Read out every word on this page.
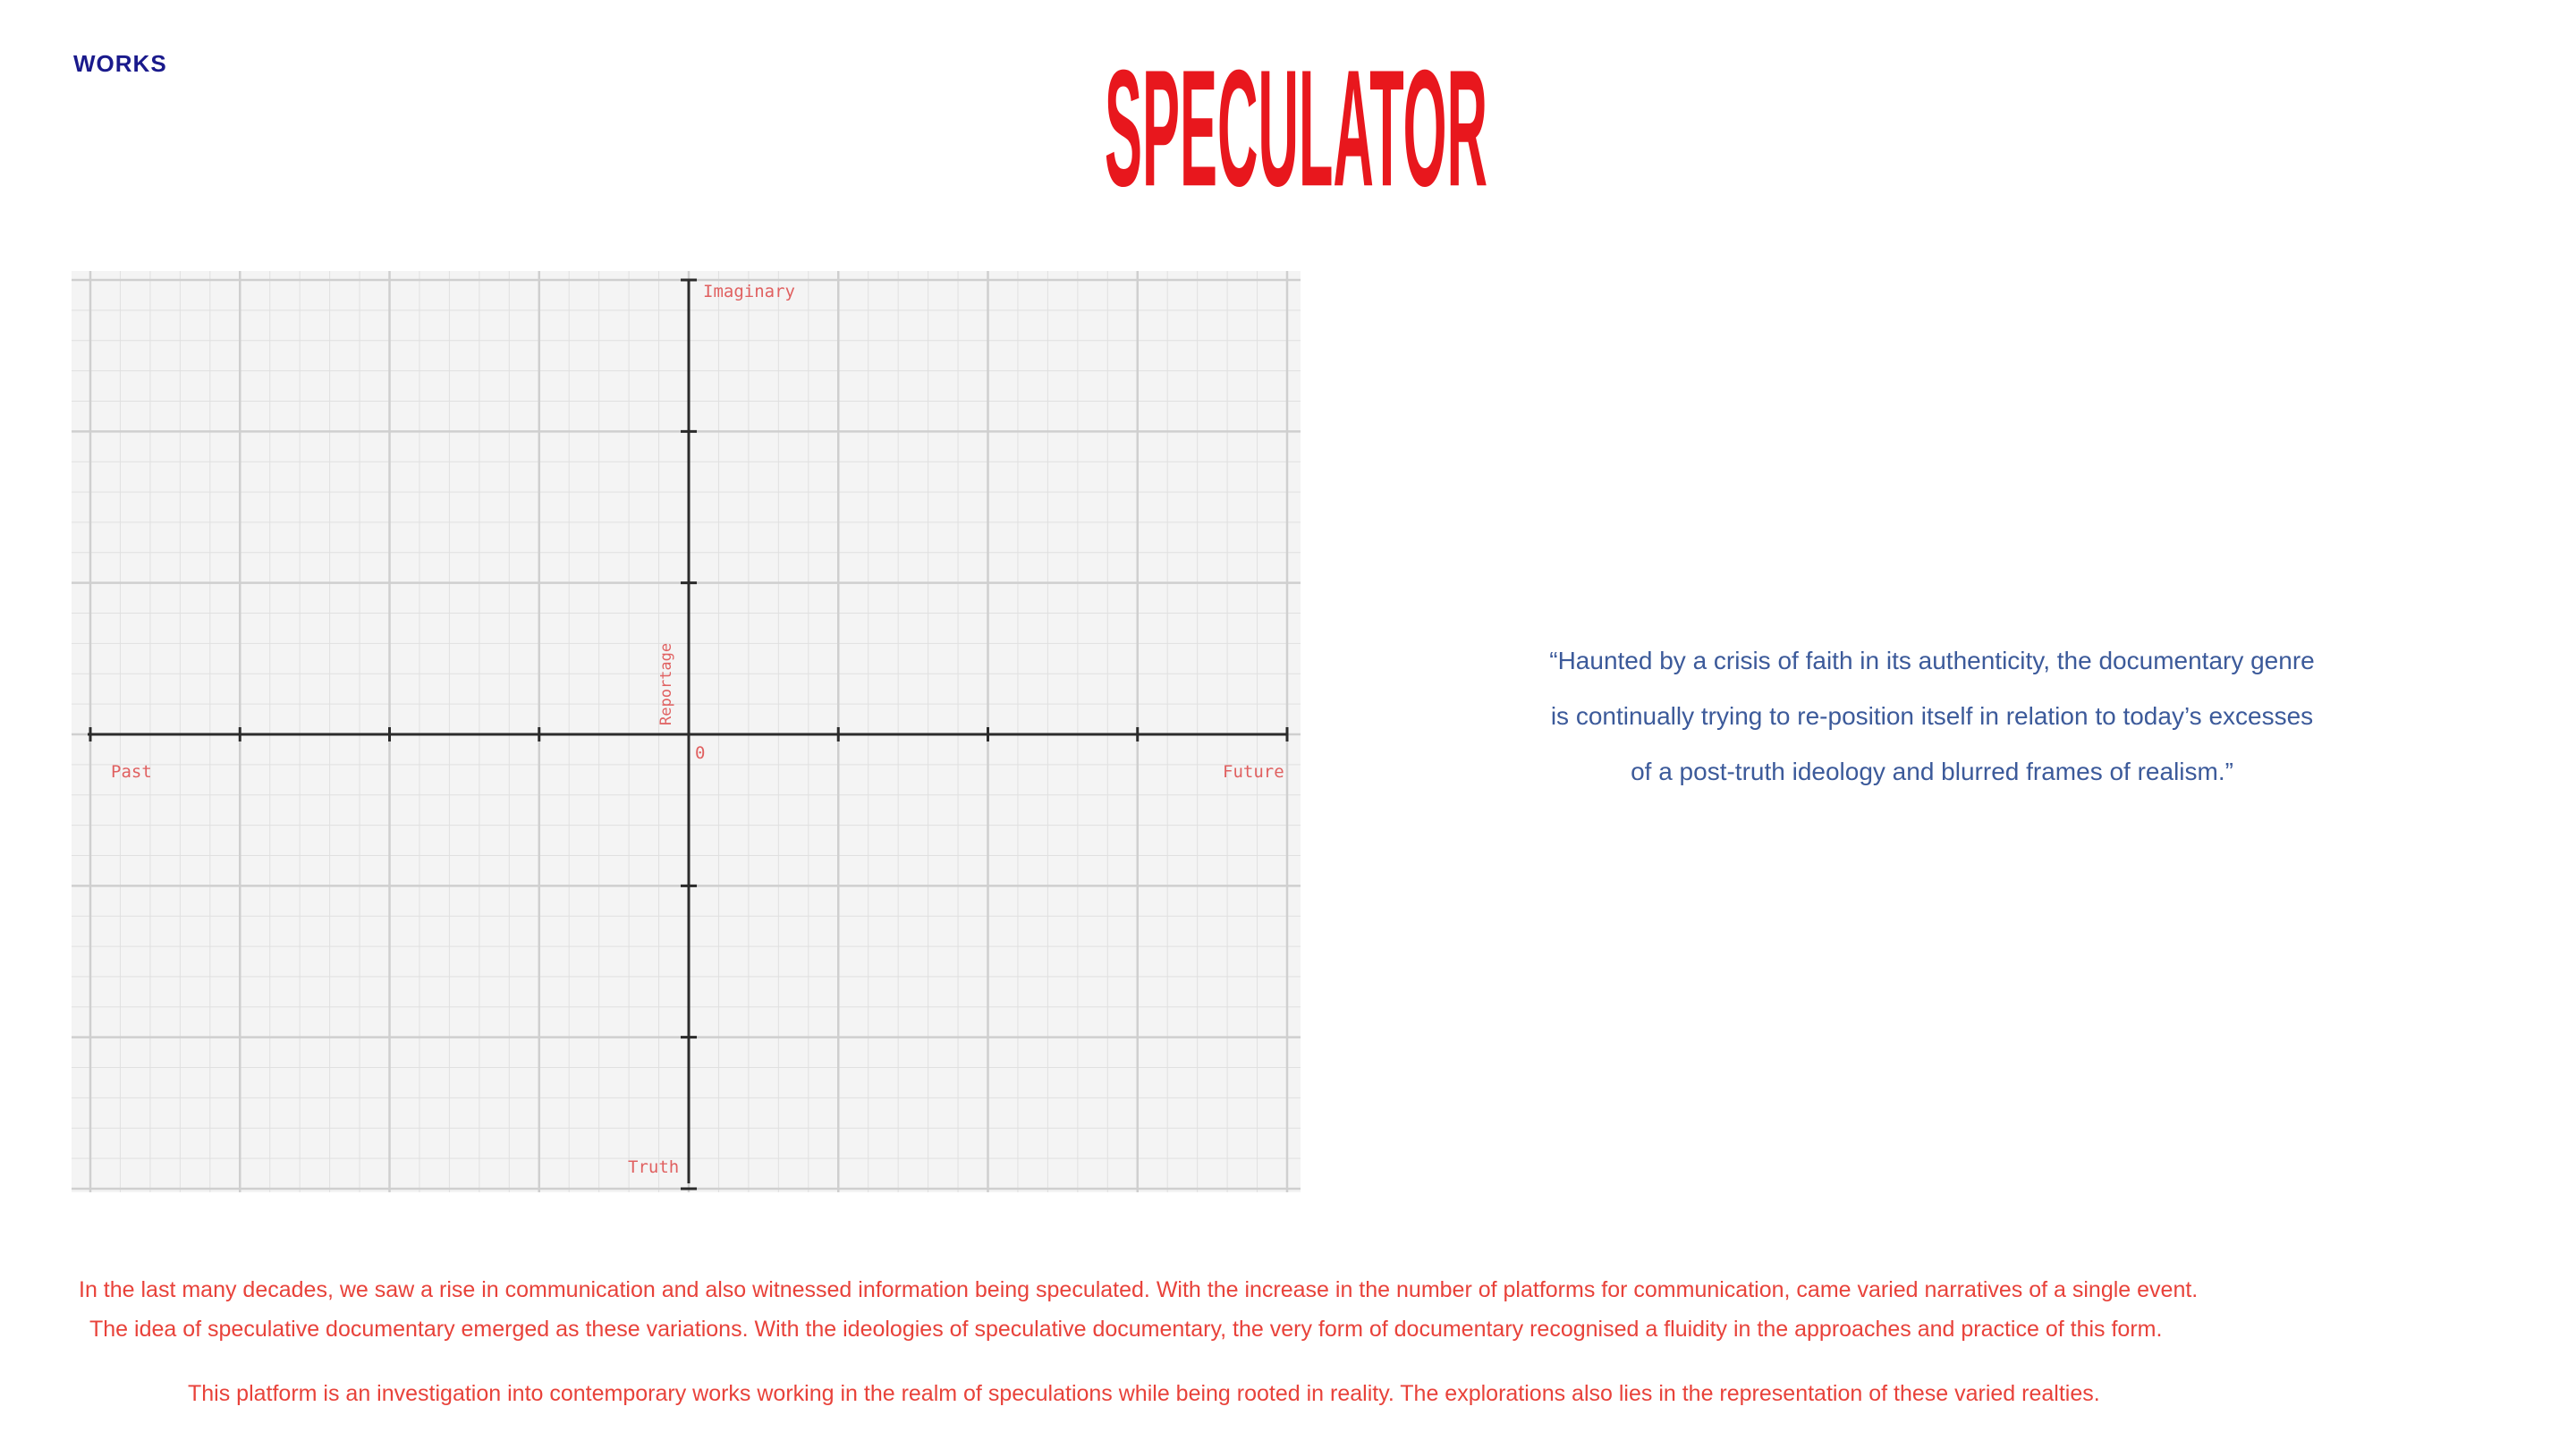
WORKS	SPECULATOR
Imaginary
Past	Future
Truth
0
Reportage	“Haunted by a crisis of faith in its authenticity, the documentary genre
is continually trying to re-position itself in relation to today’s excesses
of a post-truth ideology and blurred frames of realism.”
In the last many decades, we saw a rise in communication and also witnessed information being speculated. With the increase in the number of platforms for communication, came varied narratives of a single event.
The idea of speculative documentary emerged as these variations. With the ideologies of speculative documentary, the very form of documentary recognised a fluidity in the approaches and practice of this form.
This platform is an investigation into contemporary works working in the realm of speculations while being rooted in reality. The explorations also lies in the representation of these varied realties.
